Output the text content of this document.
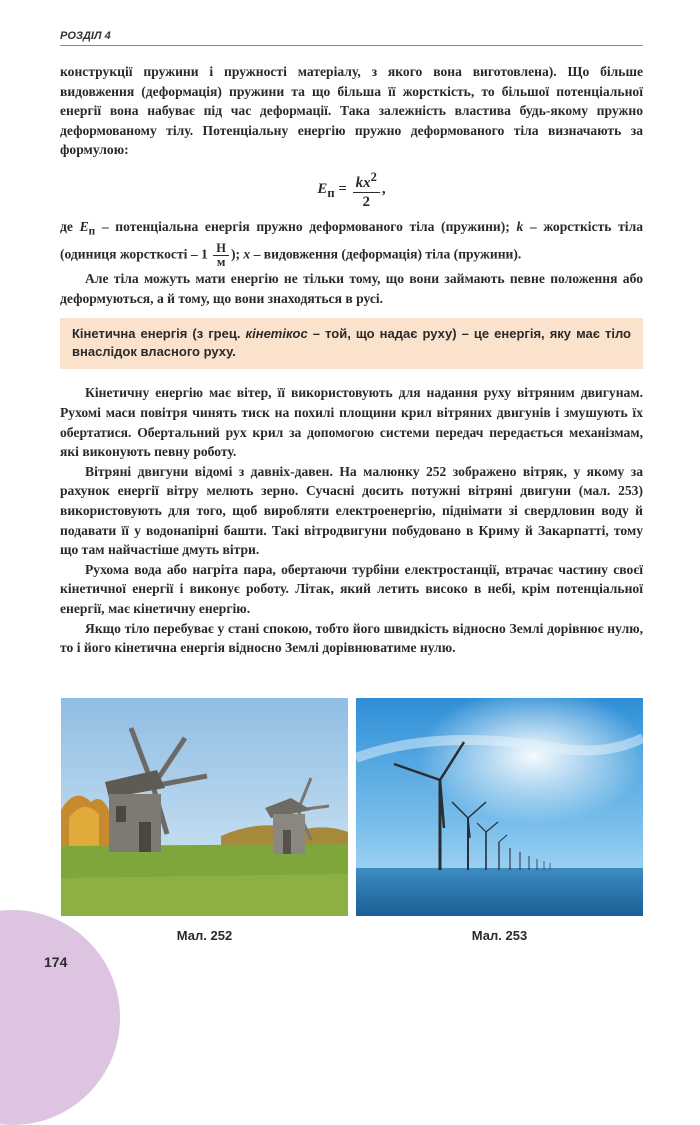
РОЗДІЛ 4

конструкції пружини і пружності матеріалу, з якого вона виготовлена). Що більше видовження (деформація) пружини та що більша її жорсткість, то більшої потенціальної енергії вона набуває під час деформації. Така залежність властива будь-якому пружно деформованому тілу. Потенціальну енергію пружно деформованого тіла визначають за формулою:

$E_п = \frac{kx^2}{2}$ ,

де $E_п$ – потенціальна енергія пружно деформованого тіла (пружини); k – жорсткість тіла (одиниця жорсткості – $1 \frac{Н}{м}$ ); x – видовження (деформація) тіла (пружини).

Але тіла можуть мати енергію не тільки тому, що вони займають певне положення або деформуються, а й тому, що вони знаходяться в русі.

Кінетична енергія (з грец. кінетікос – той, що надає руху) – це енергія, яку має тіло внаслідок власного руху.

Кінетичну енергію має вітер, її використовують для надання руху вітряним двигунам. Рухомі маси повітря чинять тиск на похилі площини крил вітряних двигунів і змушують їх обертатися. Обертальний рух крил за допомогою системи передач передається механізмам, які виконують певну роботу.

Вітряні двигуни відомі з давніх-давен. На малюнку 252 зображено вітряк, у якому за рахунок енергії вітру мелють зерно. Сучасні досить потужні вітряні двигуни (мал. 253) використовують для того, щоб виробляти електроенергію, піднімати зі свердловин воду й подавати її у водонапірні башти. Такі вітродвигуни побудовано в Криму й Закарпатті, тому що там найчастіше дмуть вітри.

Рухома вода або нагріта пара, обертаючи турбіни електростанції, втрачає частину своєї кінетичної енергії і виконує роботу. Літак, який летить високо в небі, крім потенціальної енергії, має кінетичну енергію.

Якщо тіло перебуває у стані спокою, тобто його швидкість відносно Землі дорівнює нулю, то і його кінетична енергія відносно Землі дорівнюватиме нулю.

Мал. 252	Мал. 253
174
